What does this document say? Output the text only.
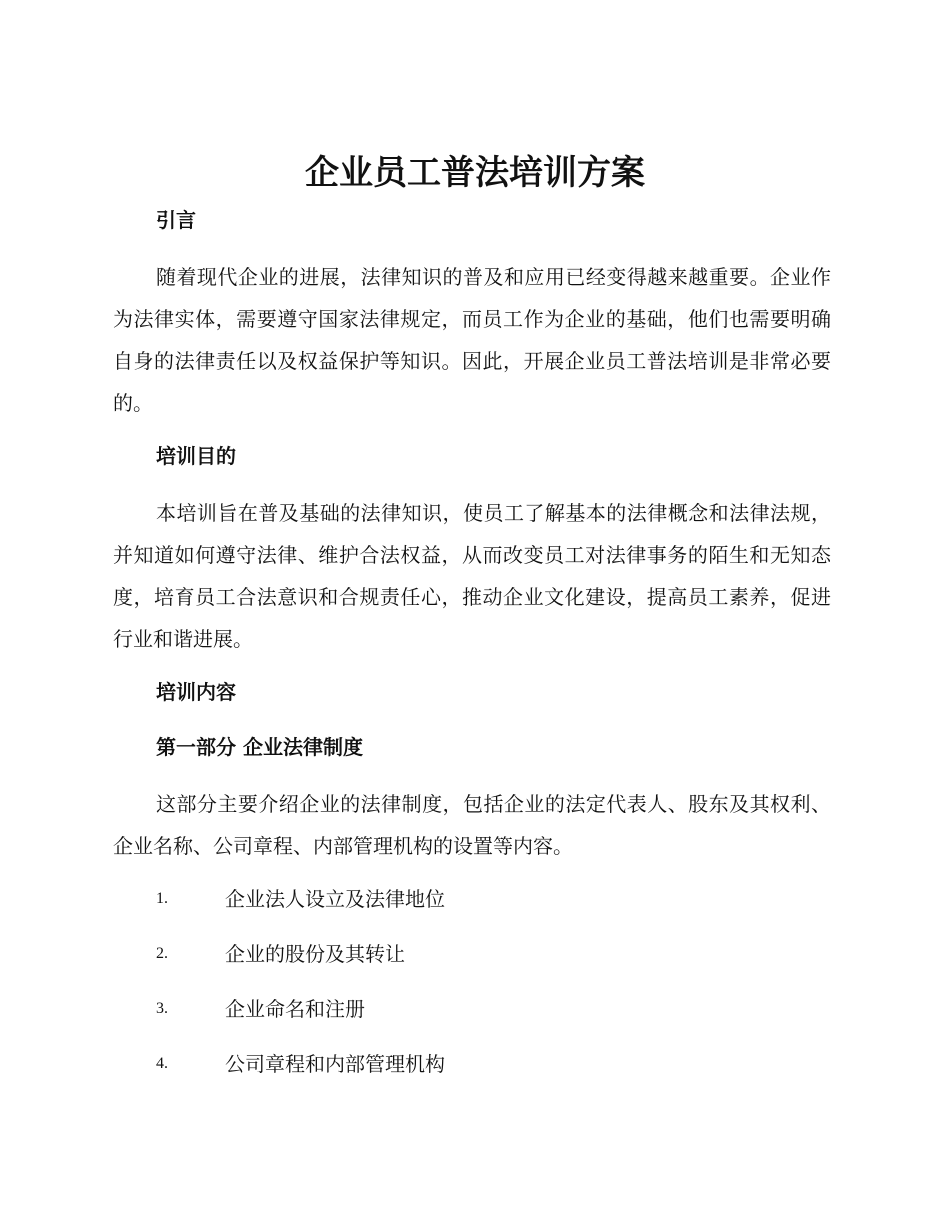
企业员工普法培训方案
引言
随着现代企业的进展，法律知识的普及和应用已经变得越来越重要。企业作为法律实体，需要遵守国家法律规定，而员工作为企业的基础，他们也需要明确自身的法律责任以及权益保护等知识。因此，开展企业员工普法培训是非常必要的。
培训目的
本培训旨在普及基础的法律知识，使员工了解基本的法律概念和法律法规，并知道如何遵守法律、维护合法权益，从而改变员工对法律事务的陌生和无知态度，培育员工合法意识和合规责任心，推动企业文化建设，提高员工素养，促进行业和谐进展。
培训内容
第一部分 企业法律制度
这部分主要介绍企业的法律制度，包括企业的法定代表人、股东及其权利、企业名称、公司章程、内部管理机构的设置等内容。
1.	企业法人设立及法律地位
2.	企业的股份及其转让
3.	企业命名和注册
4.	公司章程和内部管理机构
